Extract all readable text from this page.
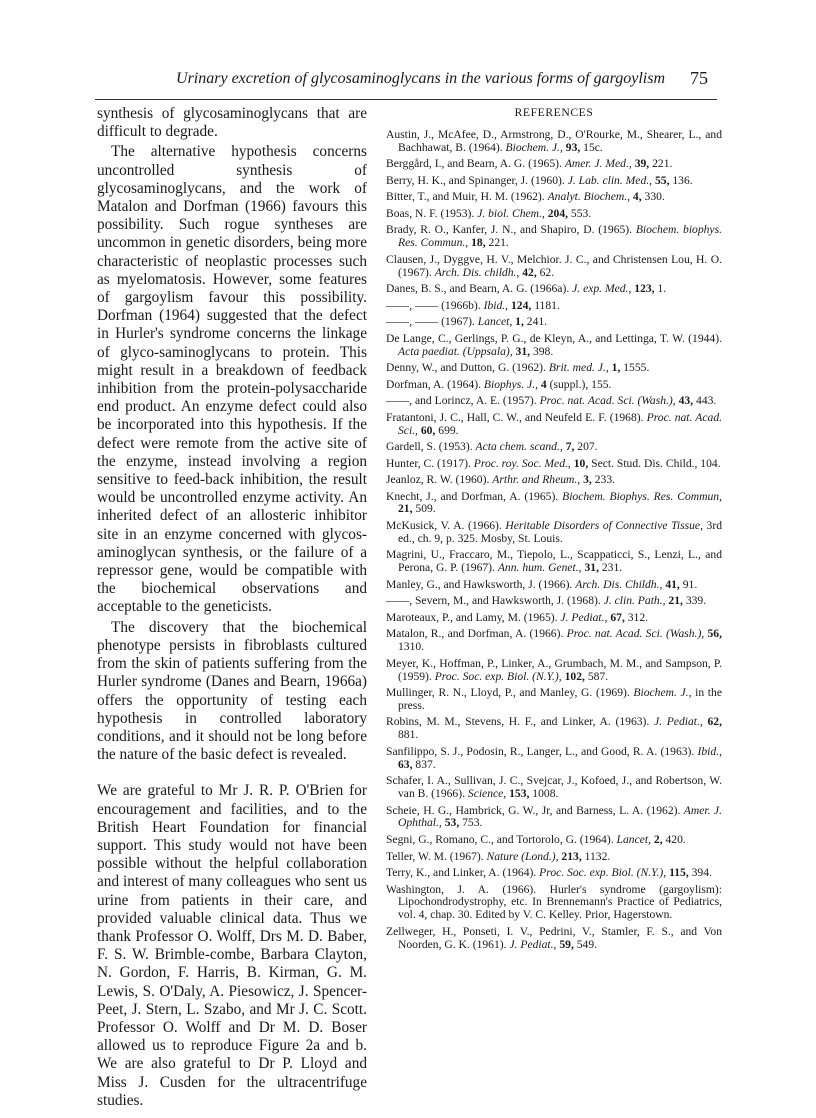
Urinary excretion of glycosaminoglycans in the various forms of gargoylism 75

synthesis of glycosaminoglycans that are difficult to degrade.

The alternative hypothesis concerns uncontrolled synthesis of glycosaminoglycans, and the work of Matalon and Dorfman (1966) favours this possibility. Such rogue syntheses are uncommon in genetic disorders, being more characteristic of neoplastic processes such as myelomatosis. However, some features of gargoylism favour this possibility. Dorfman (1964) suggested that the defect in Hurler's syndrome concerns the linkage of glyco-saminoglycans to protein. This might result in a breakdown of feedback inhibition from the protein-polysaccharide end product. An enzyme defect could also be incorporated into this hypothesis. If the defect were remote from the active site of the enzyme, instead involving a region sensitive to feed-back inhibition, the result would be uncontrolled enzyme activity. An inherited defect of an allosteric inhibitor site in an enzyme concerned with glycos-aminoglycan synthesis, or the failure of a repressor gene, would be compatible with the biochemical observations and acceptable to the geneticists.

The discovery that the biochemical phenotype persists in fibroblasts cultured from the skin of patients suffering from the Hurler syndrome (Danes and Bearn, 1966a) offers the opportunity of testing each hypothesis in controlled laboratory conditions, and it should not be long before the nature of the basic defect is revealed.

We are grateful to Mr J. R. P. O'Brien for encouragement and facilities, and to the British Heart Foundation for financial support. This study would not have been possible without the helpful collaboration and interest of many colleagues who sent us urine from patients in their care, and provided valuable clinical data. Thus we thank Professor O. Wolff, Drs M. D. Baber, F. S. W. Brimble-combe, Barbara Clayton, N. Gordon, F. Harris, B. Kirman, G. M. Lewis, S. O'Daly, A. Piesowicz, J. Spencer-Peet, J. Stern, L. Szabo, and Mr J. C. Scott. Professor O. Wolff and Dr M. D. Boser allowed us to reproduce Figure 2a and b. We are also grateful to Dr P. Lloyd and Miss J. Cusden for the ultracentrifuge studies.

REFERENCES

Austin, J., McAfee, D., Armstrong, D., O'Rourke, M., Shearer, L., and Bachhawat, B. (1964). Biochem. J., 93, 15c.

Berggård, I., and Bearn, A. G. (1965). Amer. J. Med., 39, 221.

Berry, H. K., and Spinanger, J. (1960). J. Lab. clin. Med., 55, 136.

Bitter, T., and Muir, H. M. (1962). Analyt. Biochem., 4, 330.

Boas, N. F. (1953). J. biol. Chem., 204, 553.

Brady, R. O., Kanfer, J. N., and Shapiro, D. (1965). Biochem. biophys. Res. Commun., 18, 221.

Clausen, J., Dyggve, H. V., Melchior. J. C., and Christensen Lou, H. O. (1967). Arch. Dis. childh., 42, 62.

Danes, B. S., and Bearn, A. G. (1966a). J. exp. Med., 123, 1.

——, —— (1966b). Ibid., 124, 1181.

——, —— (1967). Lancet, 1, 241.

De Lange, C., Gerlings, P. G., de Kleyn, A., and Lettinga, T. W. (1944). Acta paediat. (Uppsala), 31, 398.

Denny, W., and Dutton, G. (1962). Brit. med. J., 1, 1555.

Dorfman, A. (1964). Biophys. J., 4 (suppl.), 155.

——, and Lorincz, A. E. (1957). Proc. nat. Acad. Sci. (Wash.), 43, 443.

Fratantoni, J. C., Hall, C. W., and Neufeld E. F. (1968). Proc. nat. Acad. Sci., 60, 699.

Gardell, S. (1953). Acta chem. scand., 7, 207.

Hunter, C. (1917). Proc. roy. Soc. Med., 10, Sect. Stud. Dis. Child., 104.

Jeanloz, R. W. (1960). Arthr. and Rheum., 3, 233.

Knecht, J., and Dorfman, A. (1965). Biochem. Biophys. Res. Commun, 21, 509.

McKusick, V. A. (1966). Heritable Disorders of Connective Tissue, 3rd ed., ch. 9, p. 325. Mosby, St. Louis.

Magrini, U., Fraccaro, M., Tiepolo, L., Scappaticci, S., Lenzi, L., and Perona, G. P. (1967). Ann. hum. Genet., 31, 231.

Manley, G., and Hawksworth, J. (1966). Arch. Dis. Childh., 41, 91.

——, Severn, M., and Hawksworth, J. (1968). J. clin. Path., 21, 339.

Maroteaux, P., and Lamy, M. (1965). J. Pediat., 67, 312.

Matalon, R., and Dorfman, A. (1966). Proc. nat. Acad. Sci. (Wash.), 56, 1310.

Meyer, K., Hoffman, P., Linker, A., Grumbach, M. M., and Sampson, P. (1959). Proc. Soc. exp. Biol. (N.Y.), 102, 587.

Mullinger, R. N., Lloyd, P., and Manley, G. (1969). Biochem. J., in the press.

Robins, M. M., Stevens, H. F., and Linker, A. (1963). J. Pediat., 62, 881.

Sanfilippo, S. J., Podosin, R., Langer, L., and Good, R. A. (1963). Ibid., 63, 837.

Schafer, I. A., Sullivan, J. C., Svejcar, J., Kofoed, J., and Robertson, W. van B. (1966). Science, 153, 1008.

Scheie, H. G., Hambrick, G. W., Jr, and Barness, L. A. (1962). Amer. J. Ophthal., 53, 753.

Segni, G., Romano, C., and Tortorolo, G. (1964). Lancet, 2, 420.

Teller, W. M. (1967). Nature (Lond.), 213, 1132.

Terry, K., and Linker, A. (1964). Proc. Soc. exp. Biol. (N.Y.), 115, 394.

Washington, J. A. (1966). Hurler's syndrome (gargoylism): Lipochondrodystrophy, etc. In Brennemann's Practice of Pediatrics, vol. 4, chap. 30. Edited by V. C. Kelley. Prior, Hagerstown.

Zellweger, H., Ponseti, I. V., Pedrini, V., Stamler, F. S., and Von Noorden, G. K. (1961). J. Pediat., 59, 549.
